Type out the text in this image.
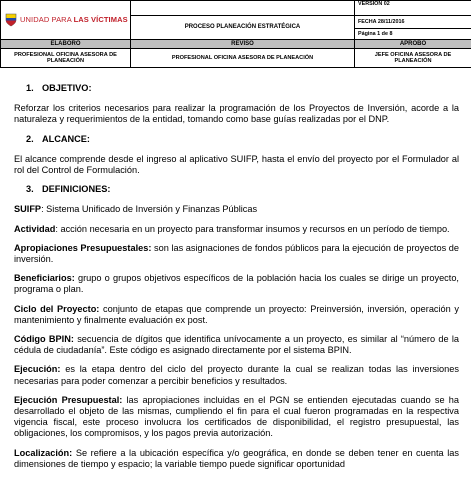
UNIDAD PARA LAS VÍCTIMAS		VERSIÓN 02
	PROCESO PLANEACIÓN ESTRATÉGICA	FECHA 28/11/2016
		Página 1 de 8
ELABORÓ	REVISÓ	APROBO
PROFESIONAL OFICINA ASESORA DE PLANEACIÓN	PROFESIONAL OFICINA ASESORA DE PLANEACIÓN	JEFE OFICINA ASESORA DE PLANEACIÓN
1. OBJETIVO:

Reforzar los criterios necesarios para realizar la programación de los Proyectos de Inversión, acorde a la naturaleza y requerimientos de la entidad, tomando como base guías realizadas por el DNP.

2. ALCANCE:

El alcance comprende desde el ingreso al aplicativo SUIFP, hasta el envío del proyecto por el Formulador al rol del Control de Formulación.

3. DEFINICIONES:

SUIFP: Sistema Unificado de Inversión y Finanzas Públicas

Actividad: acción necesaria en un proyecto para transformar insumos y recursos en un período de tiempo.

Apropiaciones Presupuestales: son las asignaciones de fondos públicos para la ejecución de proyectos de inversión.

Beneficiarios: grupo o grupos objetivos específicos de la población hacia los cuales se dirige un proyecto, programa o plan.

Ciclo del Proyecto: conjunto de etapas que comprende un proyecto: Preinversión, inversión, operación y mantenimiento y finalmente evaluación ex post.

Código BPIN: secuencia de dígitos que identifica unívocamente a un proyecto, es similar al “número de la cédula de ciudadanía”. Este código es asignado directamente por el sistema BPIN.

Ejecución: es la etapa dentro del ciclo del proyecto durante la cual se realizan todas las inversiones necesarias para poder comenzar a percibir beneficios y resultados.

Ejecución Presupuestal: las apropiaciones incluidas en el PGN se entienden ejecutadas cuando se ha desarrollado el objeto de las mismas, cumpliendo el fin para el cual fueron programadas en la respectiva vigencia fiscal, este proceso involucra los certificados de disponibilidad, el registro presupuestal, las obligaciones, los compromisos, y los pagos previa autorización.

Localización: Se refiere a la ubicación específica y/o geográfica, en donde se deben tener en cuenta las dimensiones de tiempo y espacio; la variable tiempo puede significar oportunidad
